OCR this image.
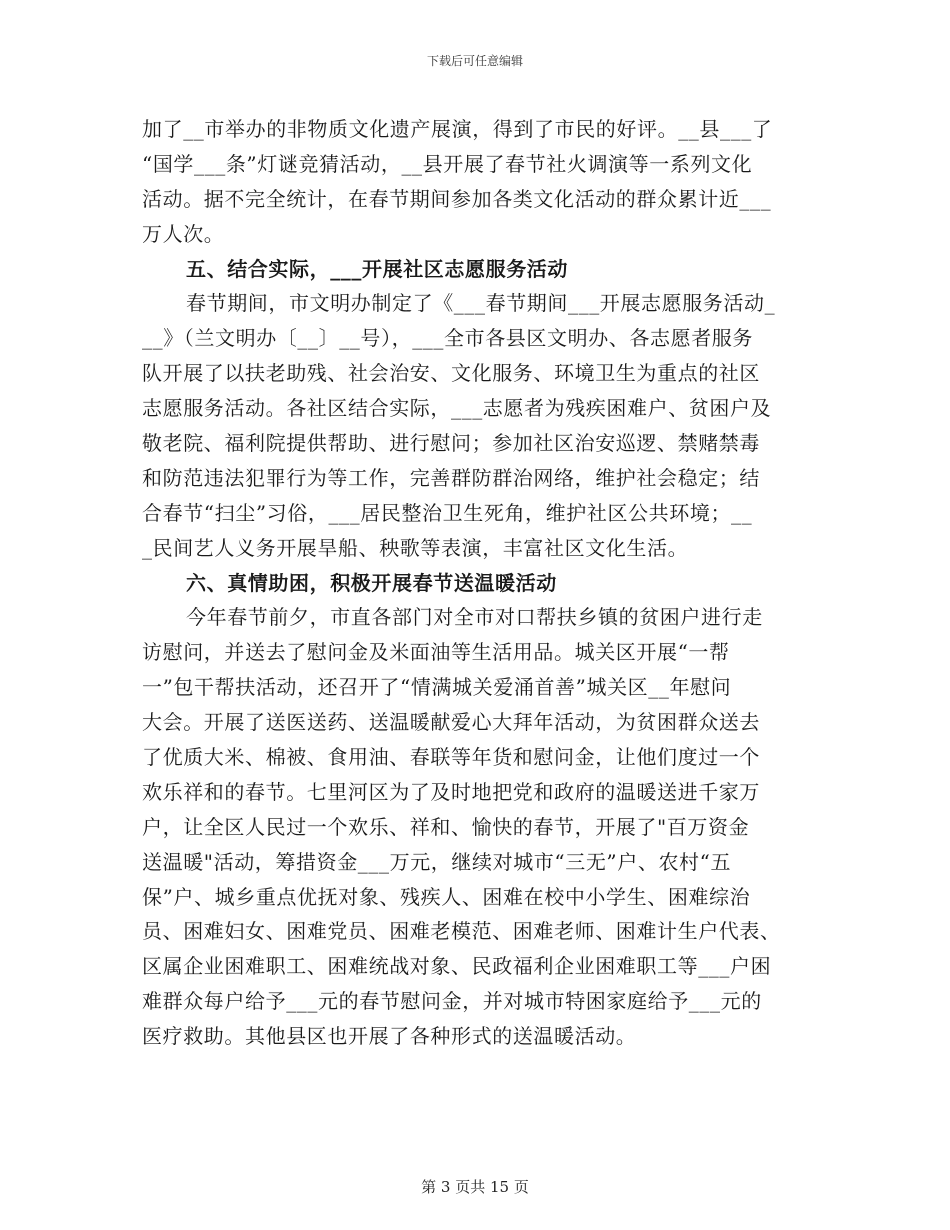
下载后可任意编辑
加了__市举办的非物质文化遗产展演，得到了市民的好评。__县___了
“国学___条”灯谜竞猜活动，__县开展了春节社火调演等一系列文化
活动。据不完全统计，在春节期间参加各类文化活动的群众累计近___
万人次。
五、结合实际，___开展社区志愿服务活动
春节期间，市文明办制定了《___春节期间___开展志愿服务活动_
__》（兰文明办〔__〕__号），___全市各县区文明办、各志愿者服务
队开展了以扶老助残、社会治安、文化服务、环境卫生为重点的社区
志愿服务活动。各社区结合实际，___志愿者为残疾困难户、贫困户及
敬老院、福利院提供帮助、进行慰问；参加社区治安巡逻、禁赌禁毒
和防范违法犯罪行为等工作，完善群防群治网络，维护社会稳定；结
合春节“扫尘”习俗，___居民整治卫生死角，维护社区公共环境；__
_民间艺人义务开展旱船、秧歌等表演，丰富社区文化生活。
六、真情助困，积极开展春节送温暖活动
今年春节前夕，市直各部门对全市对口帮扶乡镇的贫困户进行走
访慰问，并送去了慰问金及米面油等生活用品。城关区开展“一帮
一”包干帮扶活动，还召开了“情满城关爱涌首善”城关区__年慰问
大会。开展了送医送药、送温暖献爱心大拜年活动，为贫困群众送去
了优质大米、棉被、食用油、春联等年货和慰问金，让他们度过一个
欢乐祥和的春节。七里河区为了及时地把党和政府的温暖送进千家万
户，让全区人民过一个欢乐、祥和、愉快的春节，开展了"百万资金
送温暖"活动，筹措资金___万元，继续对城市“三无”户、农村“五
保”户、城乡重点优抚对象、残疾人、困难在校中小学生、困难综治
员、困难妇女、困难党员、困难老模范、困难老师、困难计生户代表、
区属企业困难职工、困难统战对象、民政福利企业困难职工等___户困
难群众每户给予___元的春节慰问金，并对城市特困家庭给予___元的
医疗救助。其他县区也开展了各种形式的送温暖活动。
第 3 页共 15 页
